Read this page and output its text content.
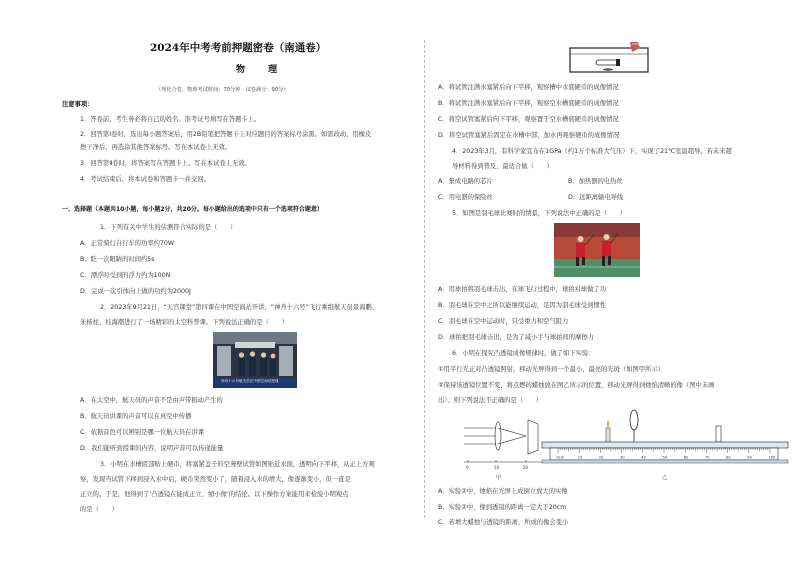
2024年中考考前押题密卷（南通卷）
物 理
（理化合卷，物理考试时间：70分钟　试卷满分：90分）
注意事项：
1．答卷前，考生务必将自己的姓名、准考证号填写在答题卡上。
2．回答第Ⅰ卷时，选出每小题答案后，用2B铅笔把答题卡上对应题目的答案标号涂黑。如需改动，用橡皮
擦干净后，再选涂其他答案标号。写在本试卷上无效。
3．回答第Ⅱ卷时，将答案写在答题卡上。写在本试卷上无效。
4．考试结束后，将本试卷和答题卡一并交回。
一、选择题（本题共10小题，每小题2分，共20分。每小题给出的选项中只有一个选项符合题意）
1．下列有关中学生的估测符合实际的是（　　）
A．正常骑行自行车的功率约70W
B．眨一次眼睛的时间约5s
C．漂浮时受到的浮力约为100N
D．完成一次引体向上做的功约为2000J
2．2023年9月21日，“天宫课堂”第四课在中国空间站开讲，“神舟十六号”飞行乘组航天员景海鹏、
朱杨柱、桂海潮进行了一场精彩的太空科普课。下列说法正确的是（　　）
神舟十六号航天员在中国空间站授课
A．在太空中，航天员的声音不是由声带振动产生的
B．航天员讲课的声音可以在真空中传播
C．依据音色可以辨别是哪一位航天员在讲课
D．我们能听到授课的内容，说明声音可以传递能量
3．小明在水槽底部贴上硬币，将塞紧盖子的空薄壁试管如图贴近水面，透明向下平移，从正上方观
察，发现当试管下移到浸入水中后，硬币突然变小了，随着浸入水的增大，像逐渐变小，但一直是
正立的。于是，他得到了‘凸透镜在能成正立、缩小像’的结论。以下操作方案能用来检验小明观点
的是（　　）
A．将试管注满水塞紧后向下平移，观察槽中水底硬币的成像情况
B．将试管注满水塞紧后向下平移，观察空水槽底硬币的成像情况
C．将空试管塞紧后向下平移，观察置于空水槽底硬币的成像情况
D．将空试管塞紧后固定在水槽中部，加水再观察硬币的成像情况
4．2023年3月，有科学家宣布在1GPa（约1万个标准大气压）下，实现了21℃室温超导。若未来超
导材料得到普及，最适合做（　　）
A．集成电路的芯片	B．加热器的电热丝
C．用电器的保险丝	D．远距离输电导线
5．如图是羽毛球比赛时的情景，下列说法中正确的是（　　）
A．用球拍将羽毛球击出，在球飞行过程中，球拍对球做了功
B．羽毛球在空中之所以能继续运动，是因为羽毛球受到惯性
C．羽毛球在空中运动时，只受重力和空气阻力
D．球拍把羽毛球击出，是为了减小手与球拍间的摩擦力
6．小明在探究凸透镜成像规律时，做了如下实验：
①用平行光正对凸透镜照射，移动光屏得到一个最小、最亮的光斑（如图甲所示）
②保持该透镜位置不变，将点燃的蜡烛放在图乙所示的位置，移动光屏得到烛焰清晰的像（图中未画
出）。则下列说法不正确的是（　　）
0	10	20
甲
0cm	10	20	30	40	50	60	70	80	90	100
乙
A．实验②中，烛焰在光屏上成倒立放大的实像
B．实验②中，像到透镜的距离一定大于20cm
C．若增大蜡烛与透镜的距离，所成的像会变小
